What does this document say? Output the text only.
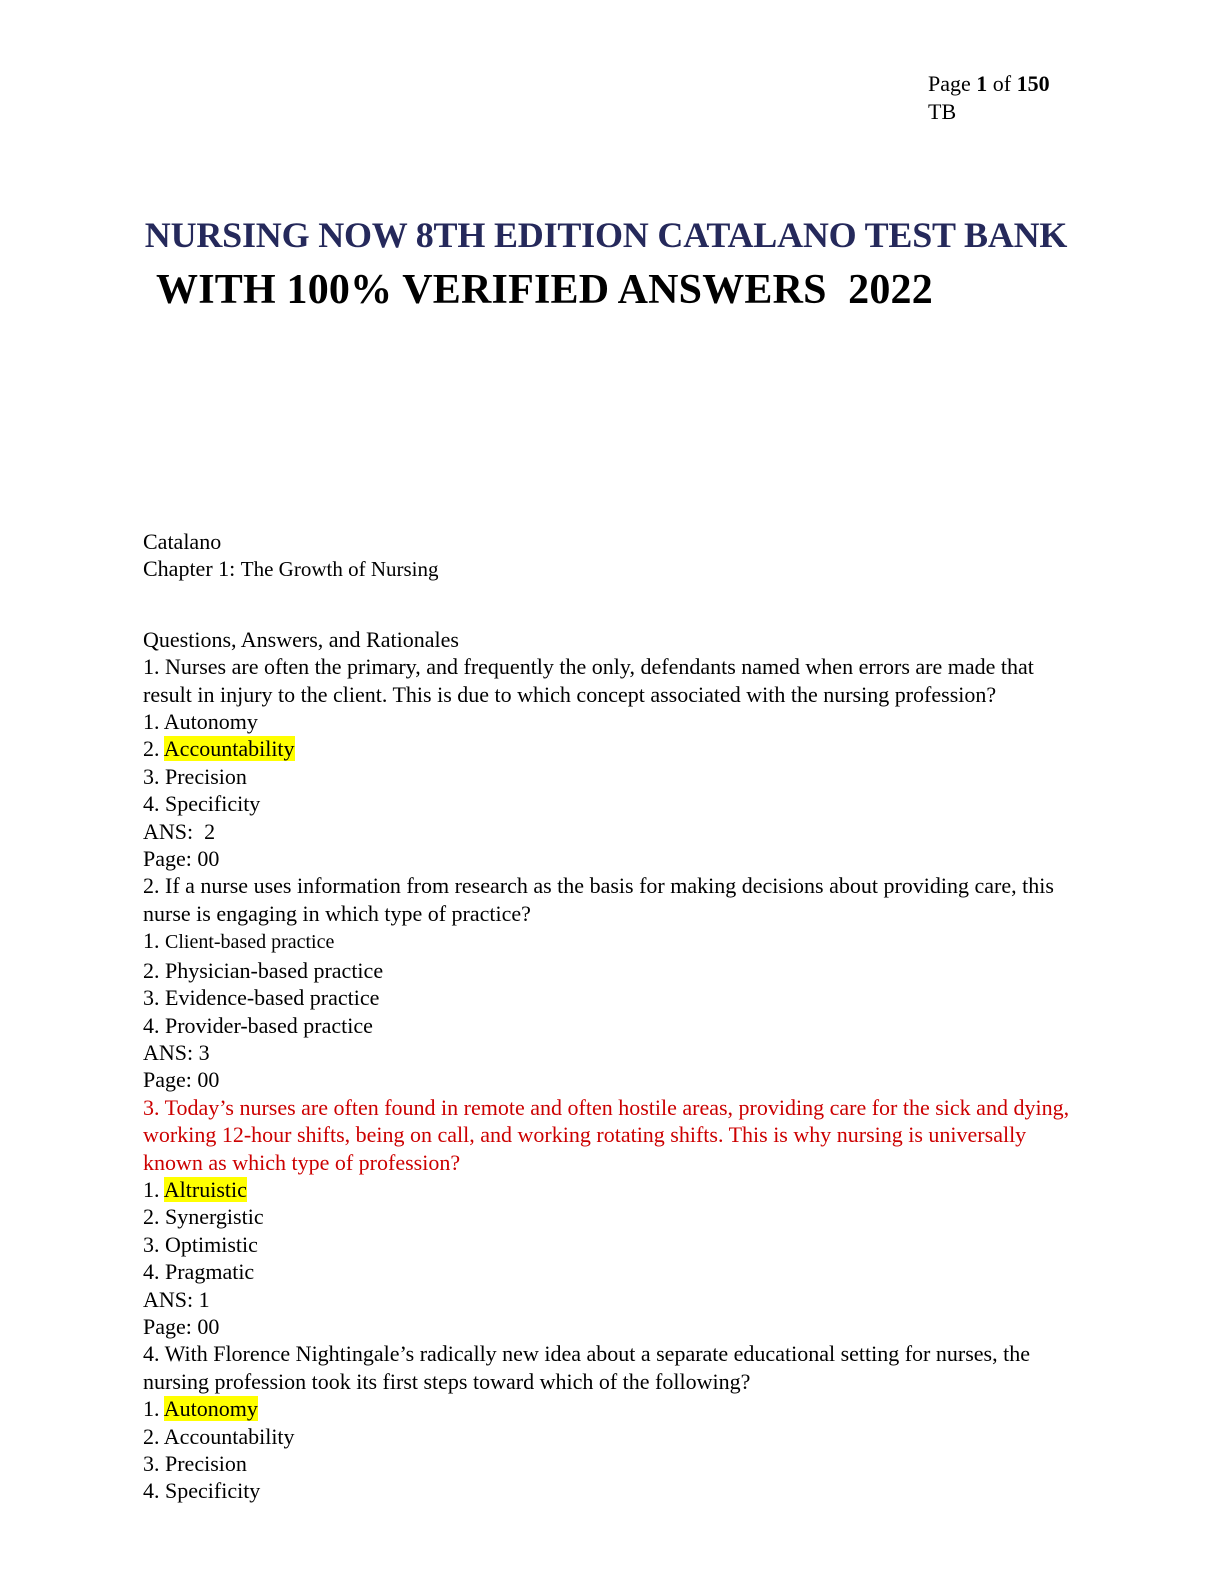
Page 1 of 150
TB
NURSING NOW 8TH EDITION CATALANO TEST BANK
WITH 100% VERIFIED ANSWERS  2022
Catalano
Chapter 1: The Growth of Nursing
Questions, Answers, and Rationales
1. Nurses are often the primary, and frequently the only, defendants named when errors are made that result in injury to the client. This is due to which concept associated with the nursing profession?
1. Autonomy
2. Accountability
3. Precision
4. Specificity
ANS:  2
Page: 00
2. If a nurse uses information from research as the basis for making decisions about providing care, this nurse is engaging in which type of practice?
1. Client-based practice
2. Physician-based practice
3. Evidence-based practice
4. Provider-based practice
ANS: 3
Page: 00
3. Today’s nurses are often found in remote and often hostile areas, providing care for the sick and dying, working 12-hour shifts, being on call, and working rotating shifts. This is why nursing is universally known as which type of profession?
1. Altruistic
2. Synergistic
3. Optimistic
4. Pragmatic
ANS: 1
Page: 00
4. With Florence Nightingale’s radically new idea about a separate educational setting for nurses, the nursing profession took its first steps toward which of the following?
1. Autonomy
2. Accountability
3. Precision
4. Specificity
